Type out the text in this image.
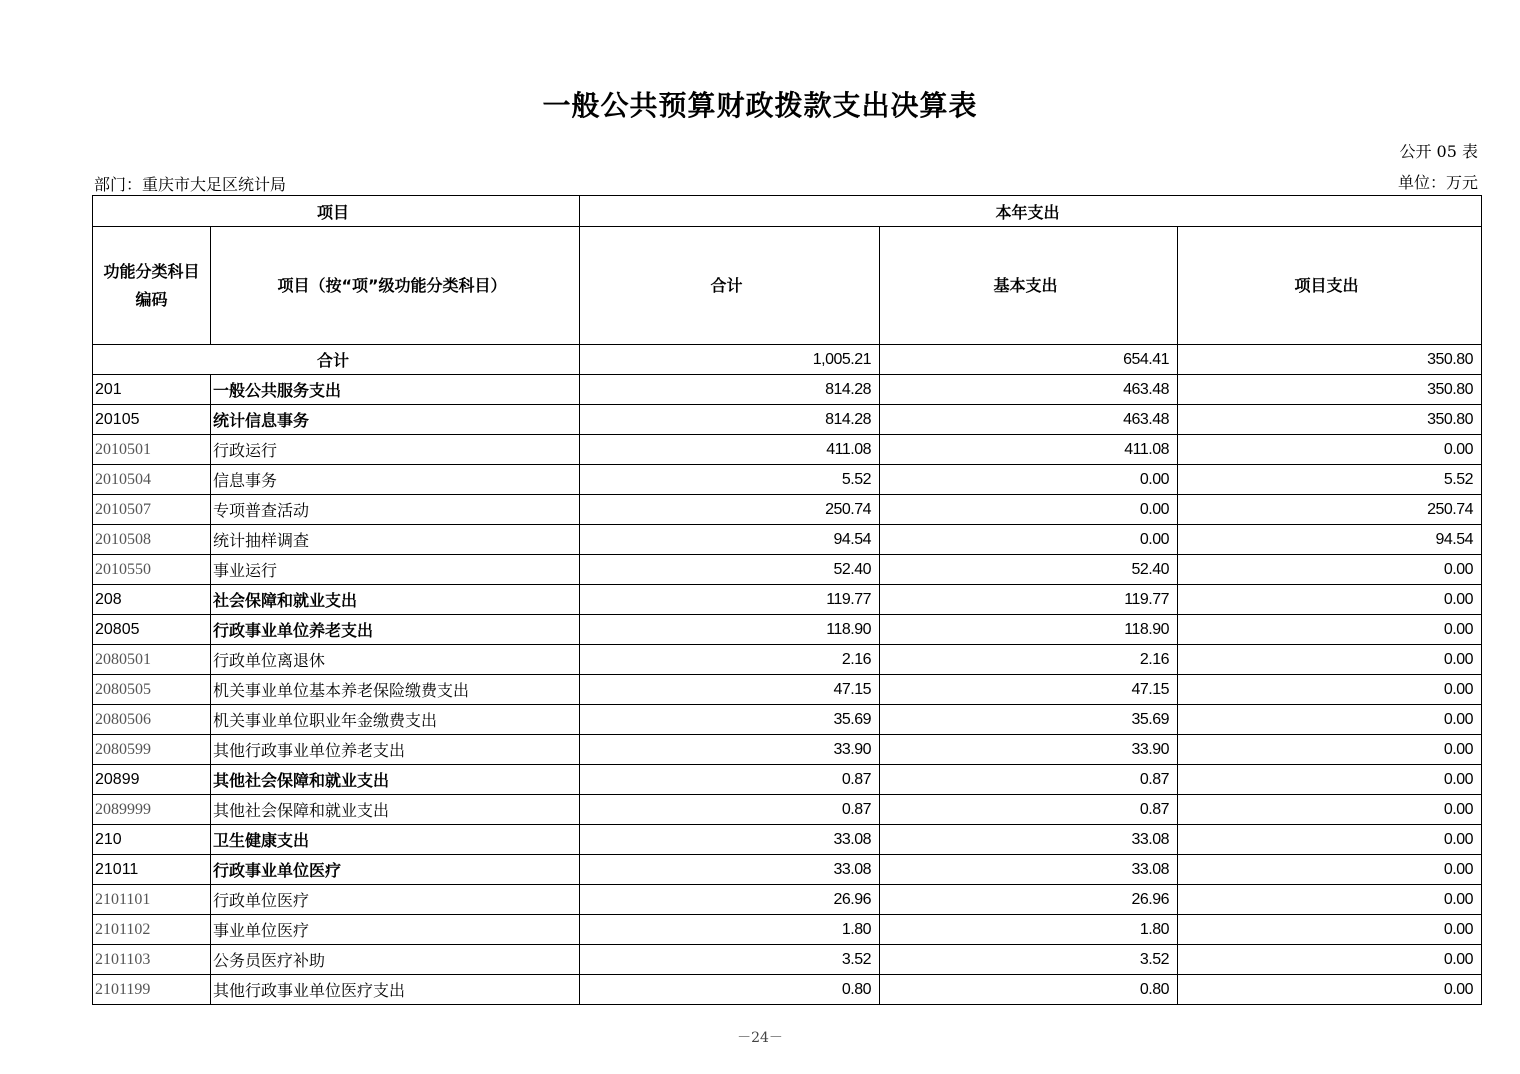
一般公共预算财政拨款支出决算表
公开 05 表
部门：重庆市大足区统计局	单位：万元
项目		本年支出		
功能分类科目编码	项目（按“项”级功能分类科目）	合计	基本支出	项目支出
合计		1,005.21	654.41	350.80
201	一般公共服务支出	814.28	463.48	350.80
20105	统计信息事务	814.28	463.48	350.80
2010501	行政运行	411.08	411.08	0.00
2010504	信息事务	5.52	0.00	5.52
2010507	专项普查活动	250.74	0.00	250.74
2010508	统计抽样调查	94.54	0.00	94.54
2010550	事业运行	52.40	52.40	0.00
208	社会保障和就业支出	119.77	119.77	0.00
20805	行政事业单位养老支出	118.90	118.90	0.00
2080501	行政单位离退休	2.16	2.16	0.00
2080505	机关事业单位基本养老保险缴费支出	47.15	47.15	0.00
2080506	机关事业单位职业年金缴费支出	35.69	35.69	0.00
2080599	其他行政事业单位养老支出	33.90	33.90	0.00
20899	其他社会保障和就业支出	0.87	0.87	0.00
2089999	其他社会保障和就业支出	0.87	0.87	0.00
210	卫生健康支出	33.08	33.08	0.00
21011	行政事业单位医疗	33.08	33.08	0.00
2101101	行政单位医疗	26.96	26.96	0.00
2101102	事业单位医疗	1.80	1.80	0.00
2101103	公务员医疗补助	3.52	3.52	0.00
2101199	其他行政事业单位医疗支出	0.80	0.80	0.00
－24－
